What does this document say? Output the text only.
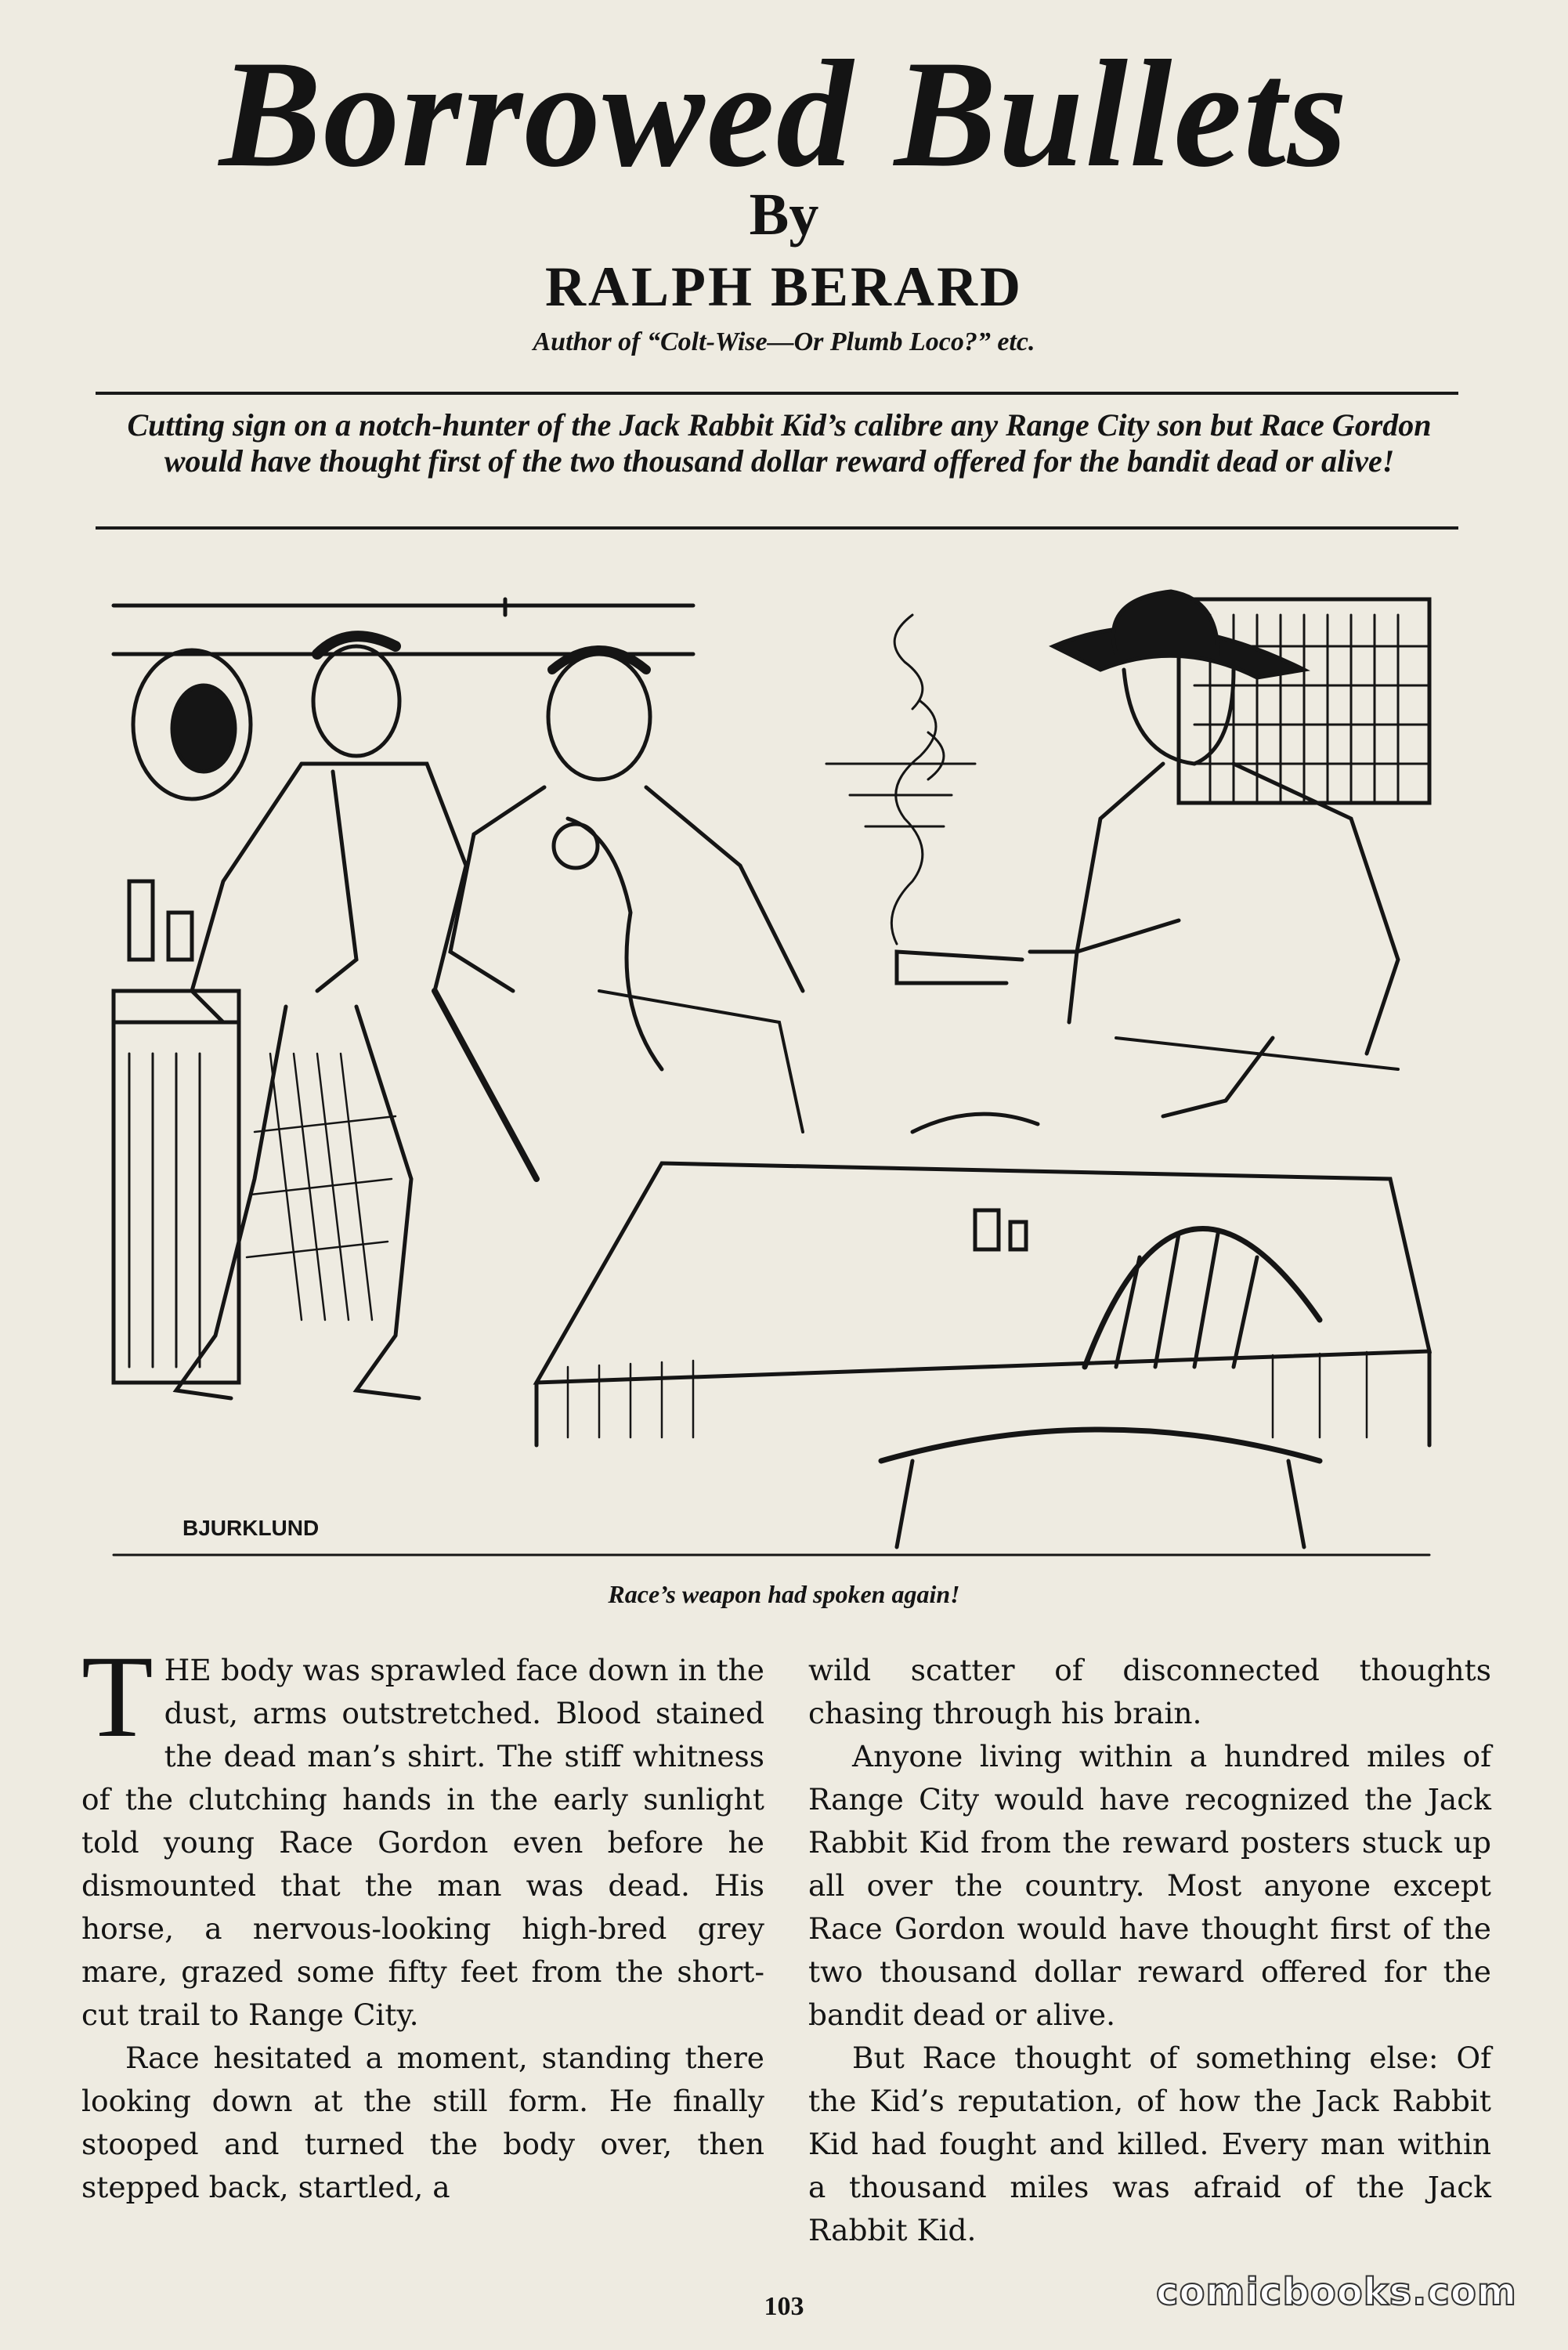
Borrowed Bullets
By
RALPH BERARD
Author of “Colt-Wise—Or Plumb Loco?” etc.
Cutting sign on a notch-hunter of the Jack Rabbit Kid’s calibre any Range City son but Race Gordon would have thought first of the two thousand dollar reward offered for the bandit dead or alive!
BJURKLUND
Race’s weapon had spoken again!

THE body was sprawled face down in the dust, arms outstretched. Blood stained the dead man’s shirt. The stiff whitness of the clutching hands in the early sunlight told young Race Gordon even before he dismounted that the man was dead. His horse, a nervous-looking high-bred grey mare, grazed some fifty feet from the short-cut trail to Range City.

Race hesitated a moment, standing there looking down at the still form. He finally stooped and turned the body over, then stepped back, startled, a

wild scatter of disconnected thoughts chasing through his brain.

Anyone living within a hundred miles of Range City would have recognized the Jack Rabbit Kid from the reward posters stuck up all over the country. Most anyone except Race Gordon would have thought first of the two thousand dollar reward offered for the bandit dead or alive.

But Race thought of something else: Of the Kid’s reputation, of how the Jack Rabbit Kid had fought and killed. Every man within a thousand miles was afraid of the Jack Rabbit Kid.

103	comicbooks.com
